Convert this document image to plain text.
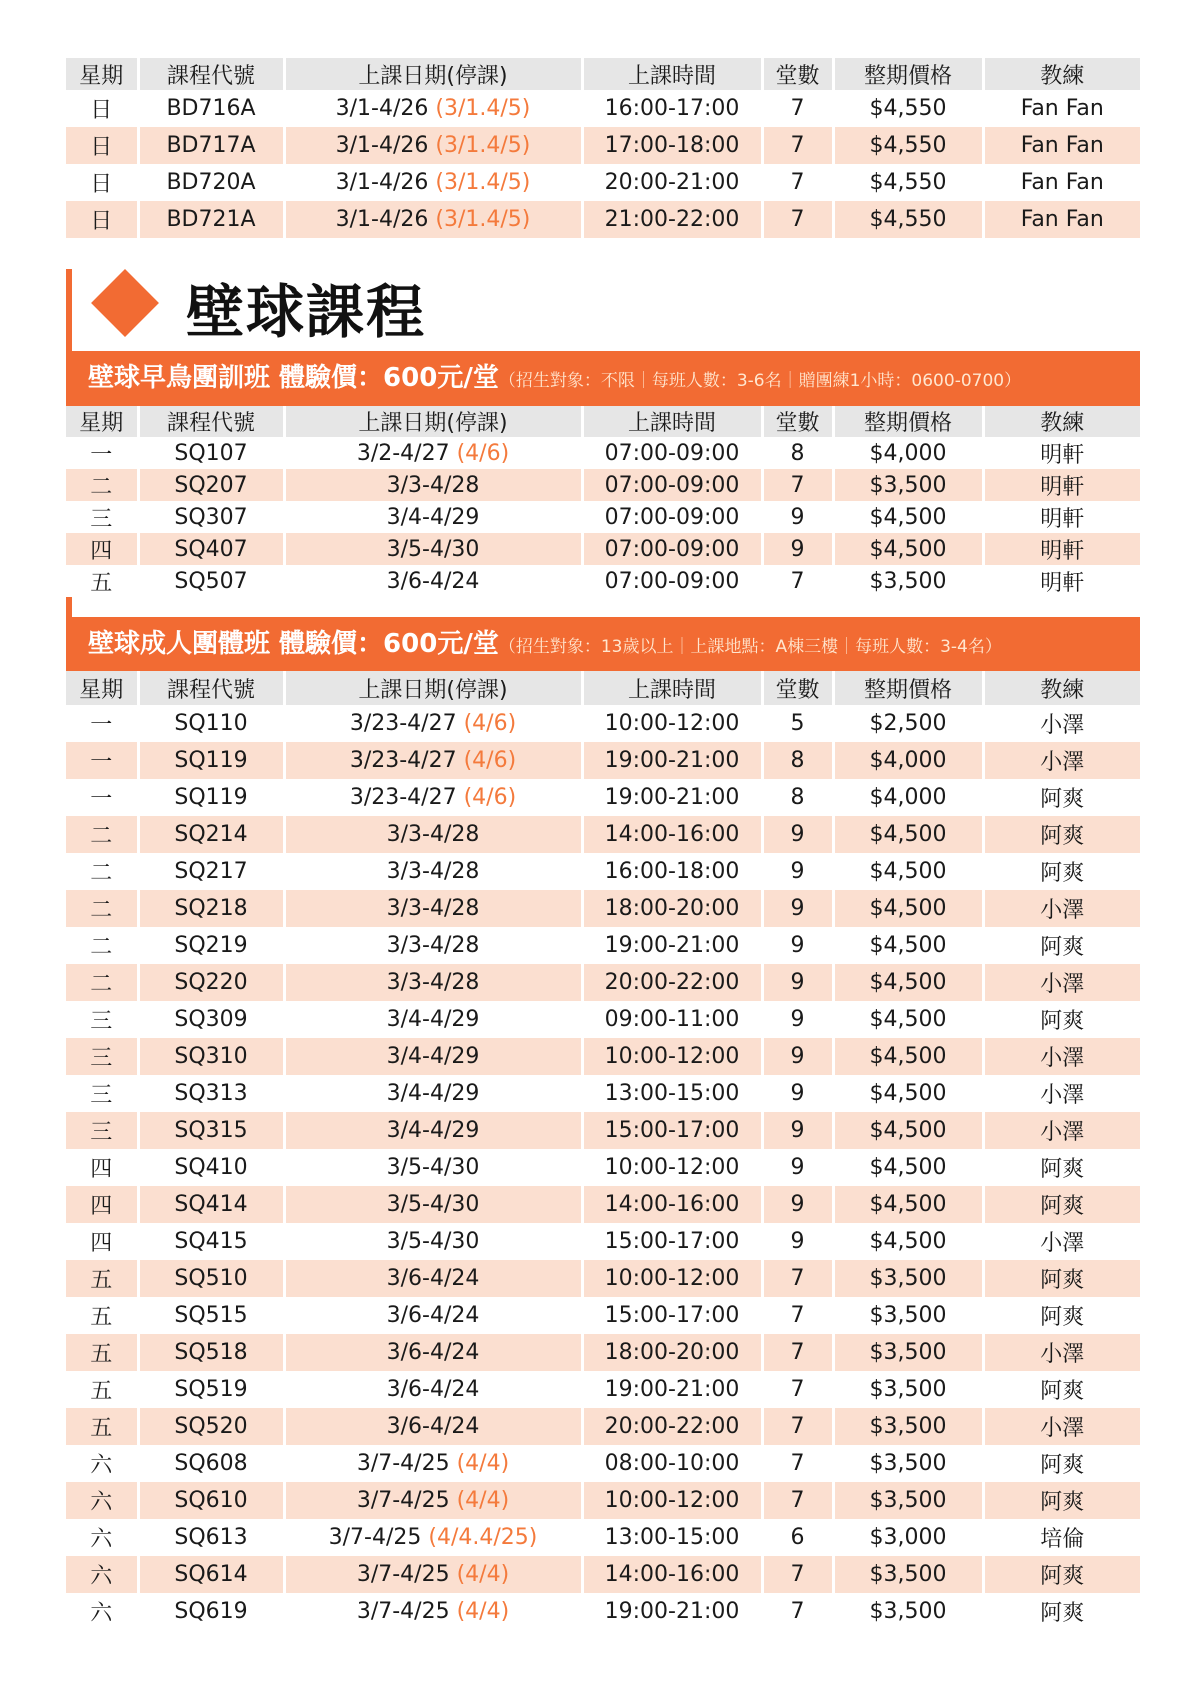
星期	課程代號	上課日期(停課)	上課時間	堂數	整期價格	教練
日	BD716A	3/1-4/26 (3/1.4/5)	16:00-17:00	7	$4,550	Fan Fan
日	BD717A	3/1-4/26 (3/1.4/5)	17:00-18:00	7	$4,550	Fan Fan
日	BD720A	3/1-4/26 (3/1.4/5)	20:00-21:00	7	$4,550	Fan Fan
日	BD721A	3/1-4/26 (3/1.4/5)	21:00-22:00	7	$4,550	Fan Fan
壁球課程
壁球早鳥團訓班 體驗價：600元/堂（招生對象：不限｜每班人數：3-6名｜贈團練1小時：0600-0700）
星期	課程代號	上課日期(停課)	上課時間	堂數	整期價格	教練
一	SQ107	3/2-4/27 (4/6)	07:00-09:00	8	$4,000	明軒
二	SQ207	3/3-4/28	07:00-09:00	7	$3,500	明軒
三	SQ307	3/4-4/29	07:00-09:00	9	$4,500	明軒
四	SQ407	3/5-4/30	07:00-09:00	9	$4,500	明軒
五	SQ507	3/6-4/24	07:00-09:00	7	$3,500	明軒
壁球成人團體班 體驗價：600元/堂（招生對象：13歲以上｜上課地點：A棟三樓｜每班人數：3-4名）
星期	課程代號	上課日期(停課)	上課時間	堂數	整期價格	教練
一	SQ110	3/23-4/27 (4/6)	10:00-12:00	5	$2,500	小澤
一	SQ119	3/23-4/27 (4/6)	19:00-21:00	8	$4,000	小澤
一	SQ119	3/23-4/27 (4/6)	19:00-21:00	8	$4,000	阿爽
二	SQ214	3/3-4/28	14:00-16:00	9	$4,500	阿爽
二	SQ217	3/3-4/28	16:00-18:00	9	$4,500	阿爽
二	SQ218	3/3-4/28	18:00-20:00	9	$4,500	小澤
二	SQ219	3/3-4/28	19:00-21:00	9	$4,500	阿爽
二	SQ220	3/3-4/28	20:00-22:00	9	$4,500	小澤
三	SQ309	3/4-4/29	09:00-11:00	9	$4,500	阿爽
三	SQ310	3/4-4/29	10:00-12:00	9	$4,500	小澤
三	SQ313	3/4-4/29	13:00-15:00	9	$4,500	小澤
三	SQ315	3/4-4/29	15:00-17:00	9	$4,500	小澤
四	SQ410	3/5-4/30	10:00-12:00	9	$4,500	阿爽
四	SQ414	3/5-4/30	14:00-16:00	9	$4,500	阿爽
四	SQ415	3/5-4/30	15:00-17:00	9	$4,500	小澤
五	SQ510	3/6-4/24	10:00-12:00	7	$3,500	阿爽
五	SQ515	3/6-4/24	15:00-17:00	7	$3,500	阿爽
五	SQ518	3/6-4/24	18:00-20:00	7	$3,500	小澤
五	SQ519	3/6-4/24	19:00-21:00	7	$3,500	阿爽
五	SQ520	3/6-4/24	20:00-22:00	7	$3,500	小澤
六	SQ608	3/7-4/25 (4/4)	08:00-10:00	7	$3,500	阿爽
六	SQ610	3/7-4/25 (4/4)	10:00-12:00	7	$3,500	阿爽
六	SQ613	3/7-4/25 (4/4.4/25)	13:00-15:00	6	$3,000	培倫
六	SQ614	3/7-4/25 (4/4)	14:00-16:00	7	$3,500	阿爽
六	SQ619	3/7-4/25 (4/4)	19:00-21:00	7	$3,500	阿爽
